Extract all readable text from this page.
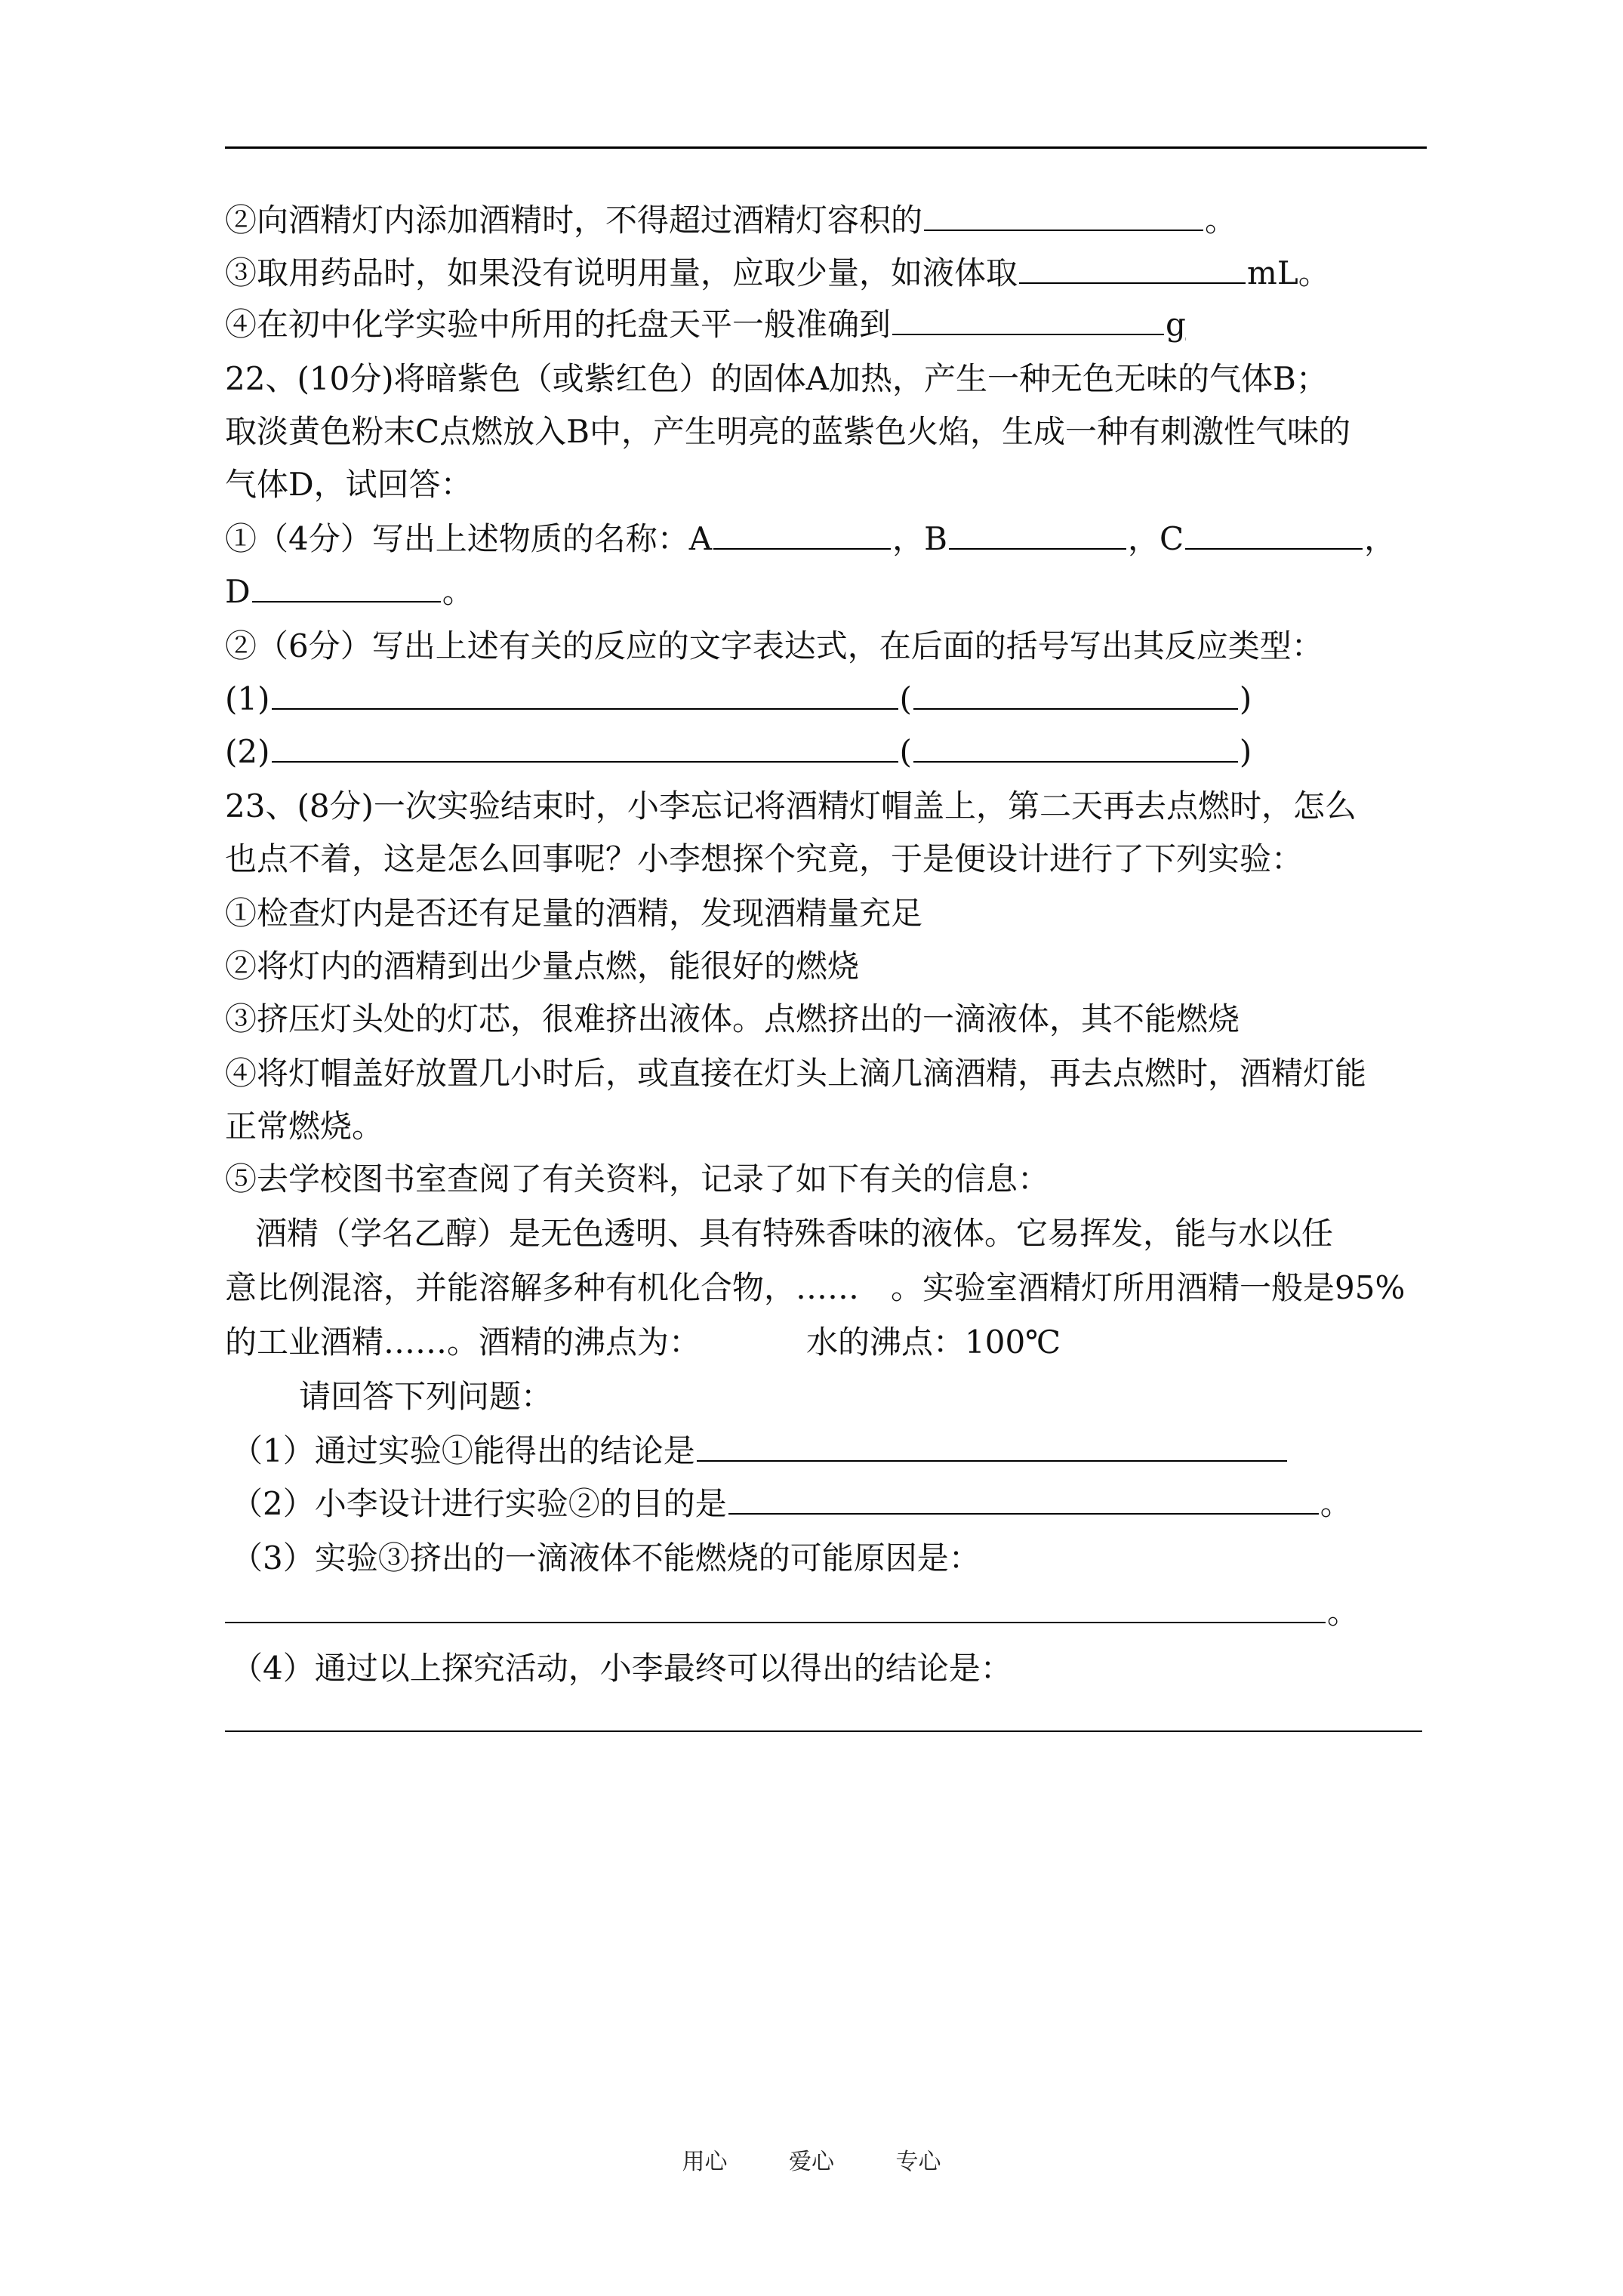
②向酒精灯内添加酒精时，不得超过酒精灯容积的	。
③取用药品时，如果没有说明用量，应取少量，如液体取	mL。
④在初中化学实验中所用的托盘天平一般准确到	g
22、(10分)将暗紫色（或紫红色）的固体A加热，产生一种无色无味的气体B；
取淡黄色粉末C点燃放入B中，产生明亮的蓝紫色火焰，生成一种有刺激性气味的
气体D，试回答：
①（4分）写出上述物质的名称：A	，B	，C	，
D	。
②（6分）写出上述有关的反应的文字表达式，在后面的括号写出其反应类型：
(1)	(	)
(2)	(	)
23、(8分)一次实验结束时，小李忘记将酒精灯帽盖上，第二天再去点燃时，怎么
也点不着，这是怎么回事呢？小李想探个究竟，于是便设计进行了下列实验：
①检查灯内是否还有足量的酒精，发现酒精量充足
②将灯内的酒精到出少量点燃，能很好的燃烧
③挤压灯头处的灯芯，很难挤出液体。点燃挤出的一滴液体，其不能燃烧
④将灯帽盖好放置几小时后，或直接在灯头上滴几滴酒精，再去点燃时，酒精灯能
正常燃烧。
⑤去学校图书室查阅了有关资料，记录了如下有关的信息：
酒精（学名乙醇）是无色透明、具有特殊香味的液体。它易挥发，能与水以任
意比例混溶，并能溶解多种有机化合物，……　。实验室酒精灯所用酒精一般是95%
的工业酒精……。酒精的沸点为：	水的沸点：100℃
请回答下列问题：
（1）通过实验①能得出的结论是
（2）小李设计进行实验②的目的是	。
（3）实验③挤出的一滴液体不能燃烧的可能原因是：
。
（4）通过以上探究活动，小李最终可以得出的结论是：
用心	爱心	专心
